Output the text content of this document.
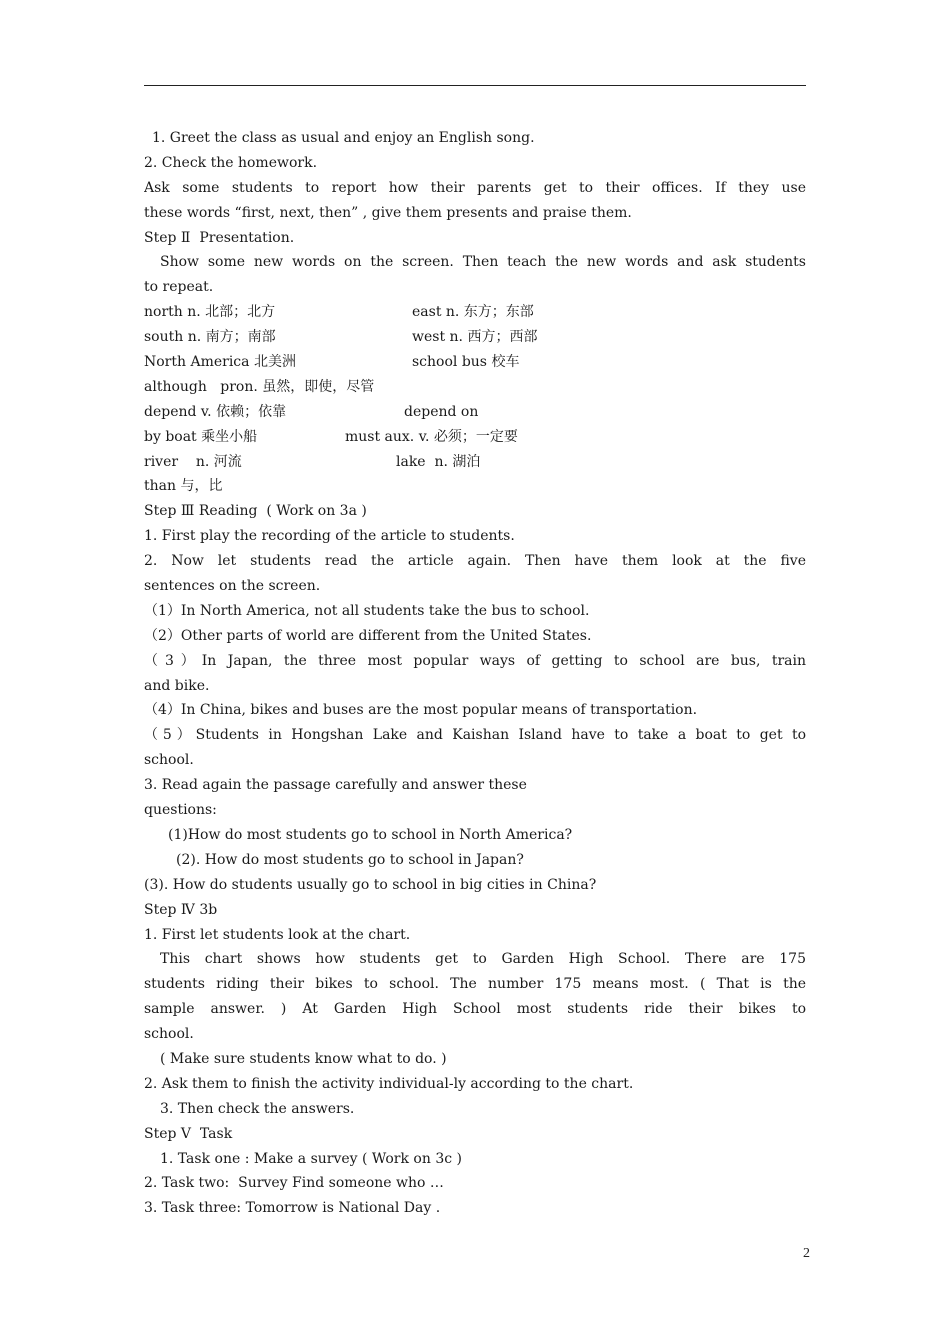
1. Greet the class as usual and enjoy an English song.
2. Check the homework.
Ask some students to report how their parents get to their offices. If they use
these words “first, next, then” , give them presents and praise them.
Step Ⅱ  Presentation.
Show some new words on the screen. Then teach the new words and ask students
to repeat.
north n. 北部；北方	east n. 东方；东部
south n. 南方；南部	west n. 西方；西部
North America 北美洲	school bus 校车
although   pron. 虽然，即使，尽管
depend v. 依赖；依靠	depend on
by boat 乘坐小船	must aux. v. 必须；一定要
river    n. 河流	lake  n. 湖泊
than 与，比
Step Ⅲ Reading  ( Work on 3a )
1. First play the recording of the article to students.
2. Now let students read the article again. Then have them look at the five
sentences on the screen.
（1）In North America, not all students take the bus to school.
（2）Other parts of world are different from the United States.
（3）In Japan, the three most popular ways of getting to school are bus, train
and bike.
（4）In China, bikes and buses are the most popular means of transportation.
（5）Students in Hongshan Lake and Kaishan Island have to take a boat to get to
school.
3. Read again the passage carefully and answer these
questions:
(1)How do most students go to school in North America?
(2). How do most students go to school in Japan?
(3). How do students usually go to school in big cities in China?
Step Ⅳ 3b
1. First let students look at the chart.
This chart shows how students get to Garden High School. There are 175
students riding their bikes to school. The number 175 means most. ( That is the
sample answer. ) At Garden High School most students ride their bikes to
school.
( Make sure students know what to do. )
2. Ask them to finish the activity individual-ly according to the chart.
3. Then check the answers.
Step Ⅴ  Task
1. Task one : Make a survey ( Work on 3c )
2. Task two:  Survey Find someone who …
3. Task three: Tomorrow is National Day .
2
